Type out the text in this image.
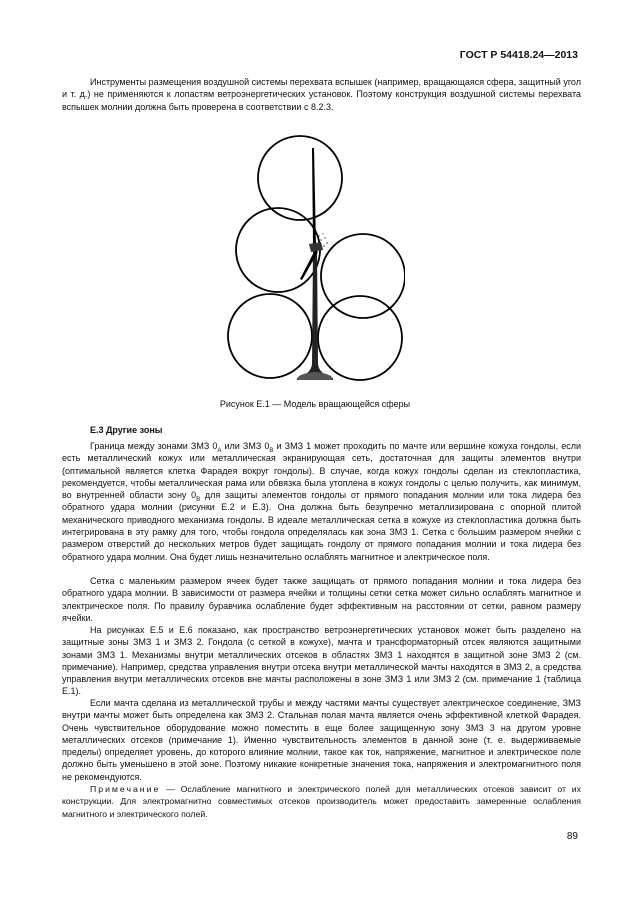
ГОСТ Р 54418.24—2013

Инструменты размещения воздушной системы перехвата вспышек (например, вращающаяся сфера, защитный угол и т. д.) не применяются к лопастям ветроэнергетических установок. Поэтому конструкция воздушной системы перехвата вспышек молнии должна быть проверена в соответствии с 8.2.3.

Рисунок Е.1 — Модель вращающейся сферы
Е.3 Другие зоны

Граница между зонами ЗМЗ $0_А$ или ЗМЗ $0_В$ и ЗМЗ 1 может проходить по мачте или вершине кожуха гондолы, если есть металлический кожух или металлическая экранирующая сеть, достаточная для защиты элементов внутри (оптимальной является клетка Фарадея вокруг гондолы). В случае, когда кожух гондолы сделан из стеклопластика, рекомендуется, чтобы металлическая рама или обвязка была утоплена в кожух гондолы с целью получить, как минимум, во внутренней области зону $0_В$ для защиты элементов гондолы от прямого попадания молнии или тока лидера без обратного удара молнии (рисунки Е.2 и Е.3). Она должна быть безупречно металлизирована с опорной плитой механического приводного механизма гондолы. В идеале металлическая сетка в кожухе из стеклопластика должна быть интегрирована в эту рамку для того, чтобы гондола определялась как зона ЗМЗ 1. Сетка с большим размером ячейки с размером отверстий до нескольких метров будет защищать гондолу от прямого попадания молнии и тока лидера без обратного удара молнии. Она будет лишь незначительно ослаблять магнитное и электрическое поля.

Сетка с маленьким размером ячеек будет также защищать от прямого попадания молнии и тока лидера без обратного удара молнии. В зависимости от размера ячейки и толщины сетки сетка может сильно ослаблять магнитное и электрическое поля. По правилу буравчика ослабление будет эффективным на расстоянии от сетки, равном размеру ячейки.

На рисунках Е.5 и Е.6 показано, как пространство ветроэнергетических установок может быть разделено на защитные зоны ЗМЗ 1 и ЗМЗ 2. Гондола (с сеткой в кожухе), мачта и трансформаторный отсек являются защитными зонами ЗМЗ 1. Механизмы внутри металлических отсеков в областях ЗМЗ 1 находятся в защитной зоне ЗМЗ 2 (см. примечание). Например, средства управления внутри отсека внутри металлической мачты находятся в ЗМЗ 2, а средства управления внутри металлических отсеков вне мачты расположены в зоне ЗМЗ 1 или ЗМЗ 2 (см. примечание 1 (таблица Е.1).

Если мачта сделана из металлической трубы и между частями мачты существует электрическое соединение, ЗМЗ внутри мачты может быть определена как ЗМЗ 2. Стальная полая мачта является очень эффективной клеткой Фарадея. Очень чувствительное оборудование можно поместить в еще более защищенную зону ЗМЗ 3 на другом уровне металлических отсеков (примечание 1). Именно чувствительность элементов в данной зоне (т. е. выдерживаемые пределы) определяет уровень, до которого влияние молнии, такое как ток, напряжение, магнитное и электрическое поле должно быть уменьшено в этой зоне. Поэтому никакие конкретные значения тока, напряжения и электромагнитного поля не рекомендуются.

Примечание — Ослабление магнитного и электрического полей для металлических отсеков зависит от их конструкции. Для электромагнитно совместимых отсеков производитель может предоставить замеренные ослабления магнитного и электрического полей.

89
